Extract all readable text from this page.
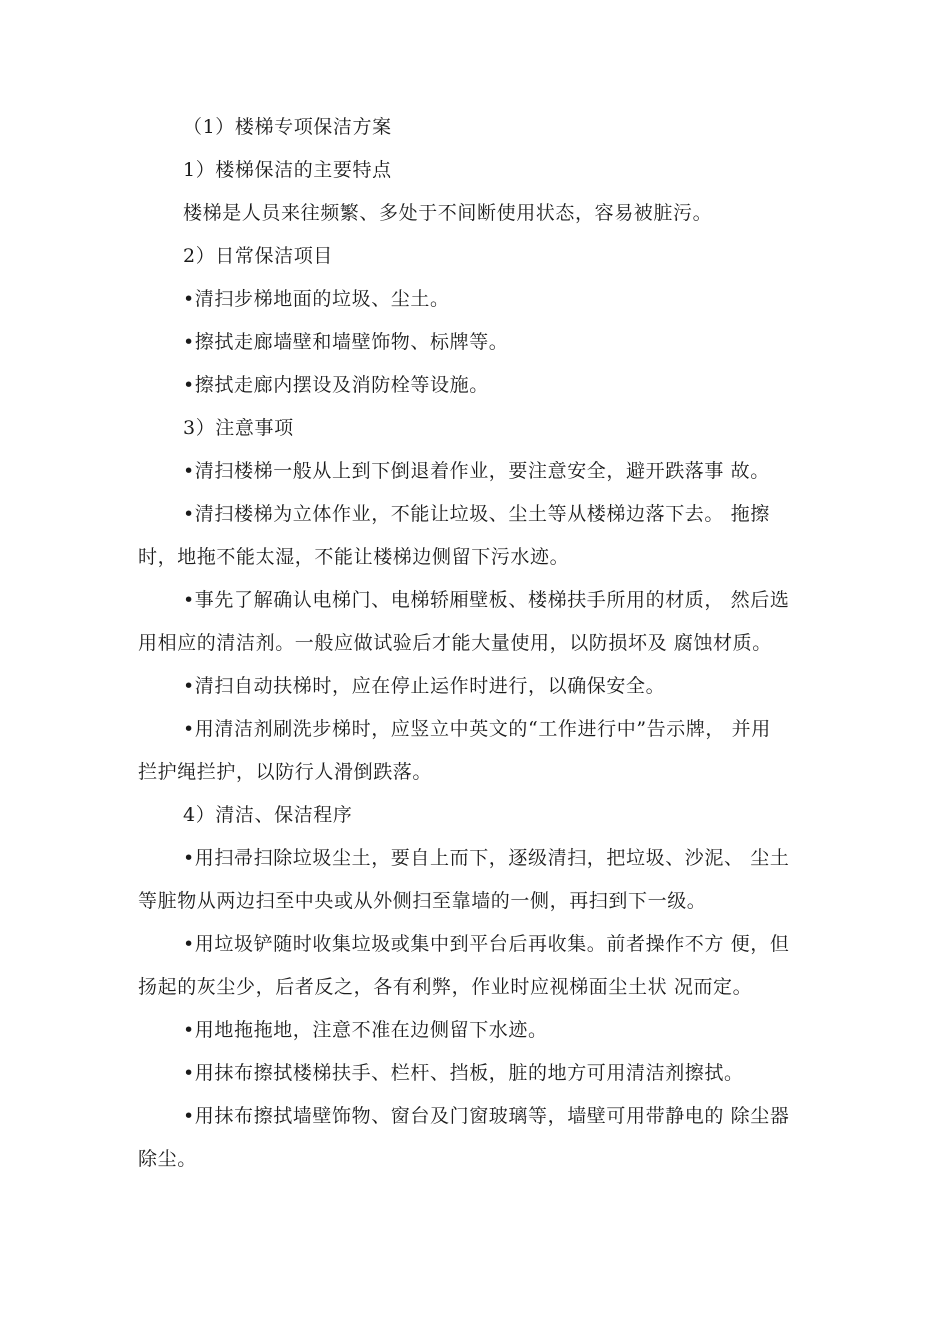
（1）楼梯专项保洁方案
1）楼梯保洁的主要特点
楼梯是人员来往频繁、多处于不间断使用状态，容易被脏污。
2）日常保洁项目
•清扫步梯地面的垃圾、尘土。
•擦拭走廊墙壁和墙壁饰物、标牌等。
•擦拭走廊内摆设及消防栓等设施。
3）注意事项
•清扫楼梯一般从上到下倒退着作业，要注意安全，避开跌落事 故。
•清扫楼梯为立体作业，不能让垃圾、尘土等从楼梯边落下去。 拖擦
时，地拖不能太湿，不能让楼梯边侧留下污水迹。
•事先了解确认电梯门、电梯轿厢壁板、楼梯扶手所用的材质， 然后选
用相应的清洁剂。一般应做试验后才能大量使用，以防损坏及 腐蚀材质。
•清扫自动扶梯时，应在停止运作时进行，以确保安全。
•用清洁剂刷洗步梯时，应竖立中英文的“工作进行中”告示牌， 并用
拦护绳拦护，以防行人滑倒跌落。
4）清洁、保洁程序
•用扫帚扫除垃圾尘土，要自上而下，逐级清扫，把垃圾、沙泥、 尘土
等脏物从两边扫至中央或从外侧扫至靠墙的一侧，再扫到下一级。
•用垃圾铲随时收集垃圾或集中到平台后再收集。前者操作不方 便，但
扬起的灰尘少，后者反之，各有利弊，作业时应视梯面尘土状 况而定。
•用地拖拖地，注意不准在边侧留下水迹。
•用抹布擦拭楼梯扶手、栏杆、挡板，脏的地方可用清洁剂擦拭。
•用抹布擦拭墙壁饰物、窗台及门窗玻璃等，墙壁可用带静电的 除尘器
除尘。
